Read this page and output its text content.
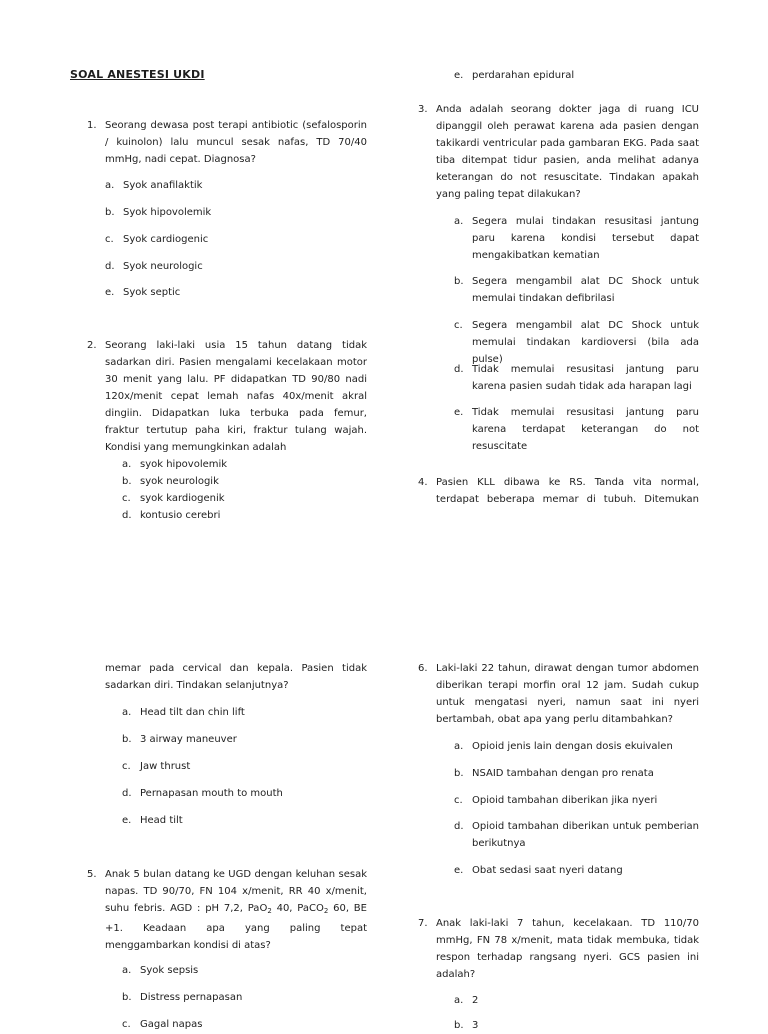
SOAL ANESTESI UKDI
1. Seorang dewasa post terapi antibiotic (sefalosporin / kuinolon) lalu muncul sesak nafas, TD 70/40 mmHg, nadi cepat. Diagnosa?
a. Syok anafilaktik
b. Syok hipovolemik
c. Syok cardiogenic
d. Syok neurologic
e. Syok septic
2. Seorang laki-laki usia 15 tahun datang tidak sadarkan diri. Pasien mengalami kecelakaan motor 30 menit yang lalu. PF didapatkan TD 90/80 nadi 120x/menit cepat lemah nafas 40x/menit akral dingiin. Didapatkan luka terbuka pada femur, fraktur tertutup paha kiri, fraktur tulang wajah. Kondisi yang memungkinkan adalah
a. syok hipovolemik
b. syok neurologik
c. syok kardiogenik
d. kontusio cerebri
e. perdarahan epidural
3. Anda adalah seorang dokter jaga di ruang ICU dipanggil oleh perawat karena ada pasien dengan takikardi ventricular pada gambaran EKG. Pada saat tiba ditempat tidur pasien, anda melihat adanya keterangan do not resuscitate. Tindakan apakah yang paling tepat dilakukan?
a. Segera mulai tindakan resusitasi jantung paru karena kondisi tersebut dapat mengakibatkan kematian
b. Segera mengambil alat DC Shock untuk memulai tindakan defibrilasi
c. Segera mengambil alat DC Shock untuk memulai tindakan kardioversi (bila ada pulse)
d. Tidak memulai resusitasi jantung paru karena pasien sudah tidak ada harapan lagi
e. Tidak memulai resusitasi jantung paru karena terdapat keterangan do not resuscitate
4. Pasien KLL dibawa ke RS. Tanda vita normal, terdapat beberapa memar di tubuh. Ditemukan
memar pada cervical dan kepala. Pasien tidak sadarkan diri. Tindakan selanjutnya?
a. Head tilt dan chin lift
b. 3 airway maneuver
c. Jaw thrust
d. Pernapasan mouth to mouth
e. Head tilt
5. Anak 5 bulan datang ke UGD dengan keluhan sesak napas. TD 90/70, FN 104 x/menit, RR 40 x/menit, suhu febris. AGD : pH 7,2, PaO$_2$ 40, PaCO$_2$ 60, BE +1. Keadaan apa yang paling tepat menggambarkan kondisi di atas?
a. Syok sepsis
b. Distress pernapasan
c. Gagal napas
6. Laki-laki 22 tahun, dirawat dengan tumor abdomen diberikan terapi morfin oral 12 jam. Sudah cukup untuk mengatasi nyeri, namun saat ini nyeri bertambah, obat apa yang perlu ditambahkan?
a. Opioid jenis lain dengan dosis ekuivalen
b. NSAID tambahan dengan pro renata
c. Opioid tambahan diberikan jika nyeri
d. Opioid tambahan diberikan untuk pemberian berikutnya
e. Obat sedasi saat nyeri datang
7. Anak laki-laki 7 tahun, kecelakaan. TD 110/70 mmHg, FN 78 x/menit, mata tidak membuka, tidak respon terhadap rangsang nyeri. GCS pasien ini adalah?
a. 2
b. 3
